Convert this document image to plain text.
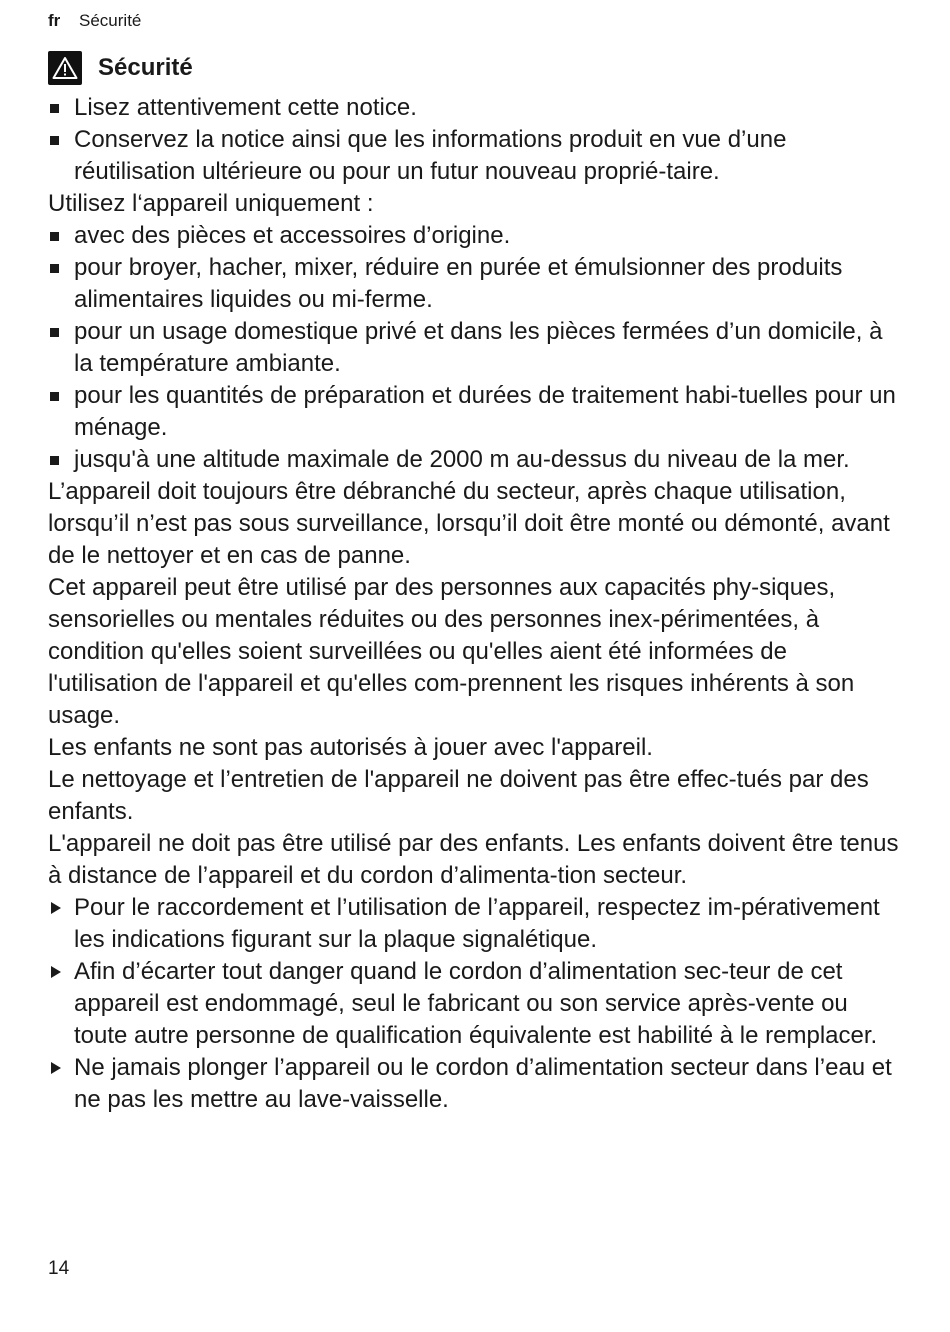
fr Sécurité
Sécurité

Lisez attentivement cette notice.

Conservez la notice ainsi que les informations produit en vue d’une réutilisation ultérieure ou pour un futur nouveau proprié-taire.

Utilisez l‘appareil uniquement :

avec des pièces et accessoires d’origine.

pour broyer, hacher, mixer, réduire en purée et émulsionner des produits alimentaires liquides ou mi-ferme.

pour un usage domestique privé et dans les pièces fermées d’un domicile, à la température ambiante.

pour les quantités de préparation et durées de traitement habi-tuelles pour un ménage.

jusqu'à une altitude maximale de 2000 m au-dessus du niveau de la mer.

L’appareil doit toujours être débranché du secteur, après chaque utilisation, lorsqu’il n’est pas sous surveillance, lorsqu’il doit être monté ou démonté, avant de le nettoyer et en cas de panne.

Cet appareil peut être utilisé par des personnes aux capacités phy-siques, sensorielles ou mentales réduites ou des personnes inex-périmentées, à condition qu'elles soient surveillées ou qu'elles aient été informées de l'utilisation de l'appareil et qu'elles com-prennent les risques inhérents à son usage.

Les enfants ne sont pas autorisés à jouer avec l'appareil.

Le nettoyage et l’entretien de l'appareil ne doivent pas être effec-tués par des enfants.

L'appareil ne doit pas être utilisé par des enfants. Les enfants doivent être tenus à distance de l’appareil et du cordon d’alimenta-tion secteur.

Pour le raccordement et l’utilisation de l’appareil, respectez im-pérativement les indications figurant sur la plaque signalétique.

Afin d’écarter tout danger quand le cordon d’alimentation sec-teur de cet appareil est endommagé, seul le fabricant ou son service après-vente ou toute autre personne de qualification équivalente est habilité à le remplacer.

Ne jamais plonger l’appareil ou le cordon d’alimentation secteur dans l’eau et ne pas les mettre au lave-vaisselle.

14
